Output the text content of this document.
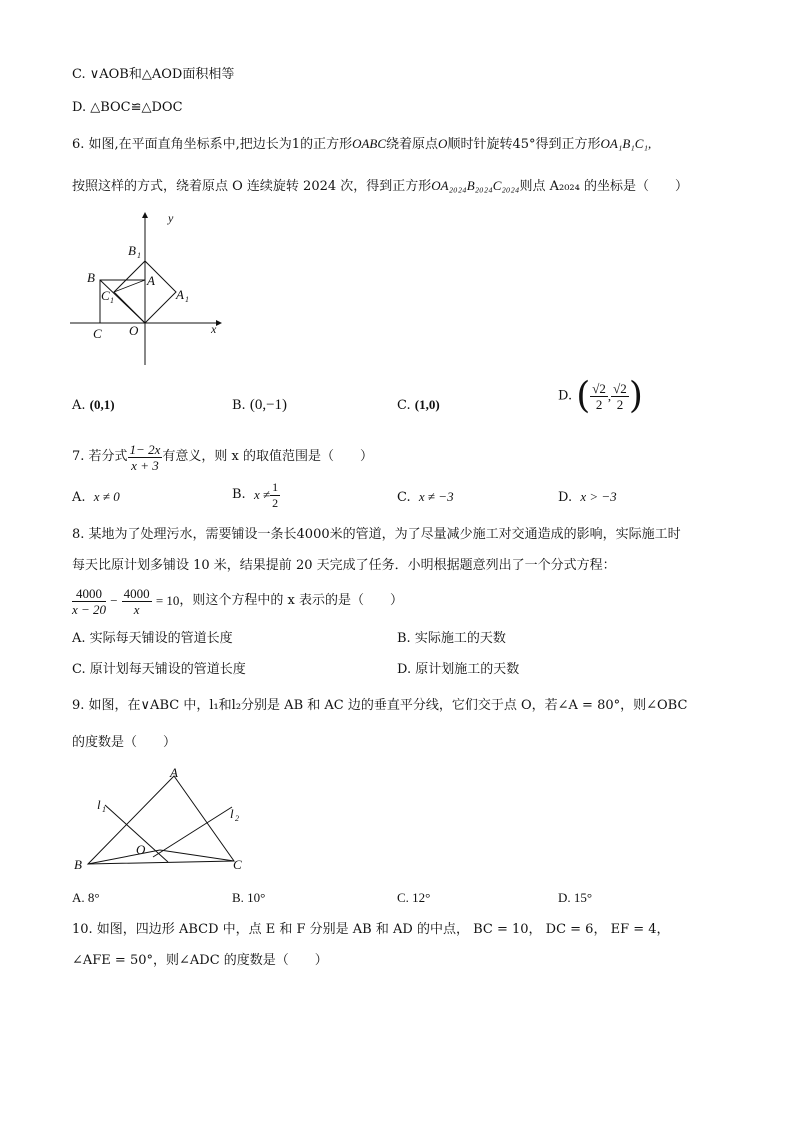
C. ∨AOB和△AOD面积相等
D. △BOC≌△DOC
6. 如图,在平面直角坐标系中,把边长为1的正方形OABC绕着原点O顺时针旋转45°得到正方形OA₁B₁C₁,
按照这样的方式，绕着原点 O 连续旋转 2024 次，得到正方形OA₂₀₂₄B₂₀₂₄C₂₀₂₄则点 A₂₀₂₄ 的坐标是（　　）
y
x
B 1
A
A 1
B
C 1
C O
A. (0,1)	B. (0,−1)	C. (1,0)
D. ( $\frac{√2}{2}$ , $\frac{√2}{2}$ )
7. 若分式 $\frac{1- 2x}{x + 3}$ 有意义，则 x 的取值范围是（　　）
A. x ≠ 0	B. $x \ne \frac{1}{2}$	C. x ≠ −3	D. x > −3
8. 某地为了处理污水，需要铺设一条长4000米的管道，为了尽量减少施工对交通造成的影响，实际施工时
每天比原计划多铺设 10 米，结果提前 20 天完成了任务．小明根据题意列出了一个分式方程：
$\frac{4000}{x - 20} - \frac{4000}{x} = 10$，则这个方程中的 x 表示的是（　　）
A. 实际每天铺设的管道长度	B. 实际施工的天数
C. 原计划每天铺设的管道长度	D. 原计划施工的天数
9. 如图，在∨ABC 中，l₁和l₂分别是 AB 和 AC 边的垂直平分线，它们交于点 O，若∠A = 80°，则∠OBC
的度数是（　　）
A
B	C
O
l 1	l 2
A. 8°	B. 10°	C. 12°	D. 15°
10. 如图，四边形 ABCD 中，点 E 和 F 分别是 AB 和 AD 的中点， BC = 10， DC = 6， EF = 4，
∠AFE = 50°，则∠ADC 的度数是（　　）
